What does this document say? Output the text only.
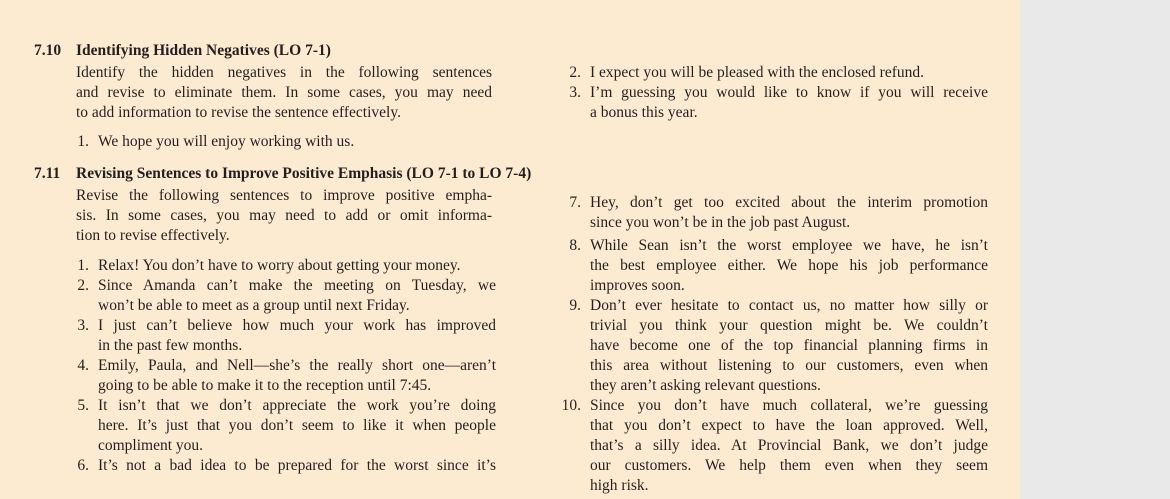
7.10 Identifying Hidden Negatives (LO 7-1)
Identify the hidden negatives in the following sentences
and revise to eliminate them. In some cases, you may need
to add information to revise the sentence effectively.
1. We hope you will enjoy working with us.
2. I expect you will be pleased with the enclosed refund.
3. I’m guessing you would like to know if you will receive
a bonus this year.
7.11 Revising Sentences to Improve Positive Emphasis (LO 7-1 to LO 7-4)
Revise the following sentences to improve positive empha-
sis. In some cases, you may need to add or omit informa-
tion to revise effectively.
1. Relax! You don’t have to worry about getting your money.
2. Since Amanda can’t make the meeting on Tuesday, we
won’t be able to meet as a group until next Friday.
3. I just can’t believe how much your work has improved
in the past few months.
4. Emily, Paula, and Nell—she’s the really short one—aren’t
going to be able to make it to the reception until 7:45.
5. It isn’t that we don’t appreciate the work you’re doing
here. It’s just that you don’t seem to like it when people
compliment you.
6. It’s not a bad idea to be prepared for the worst since it’s
7. Hey, don’t get too excited about the interim promotion
since you won’t be in the job past August.
8. While Sean isn’t the worst employee we have, he isn’t
the best employee either. We hope his job performance
improves soon.
9. Don’t ever hesitate to contact us, no matter how silly or
trivial you think your question might be. We couldn’t
have become one of the top financial planning firms in
this area without listening to our customers, even when
they aren’t asking relevant questions.
10. Since you don’t have much collateral, we’re guessing
that you don’t expect to have the loan approved. Well,
that’s a silly idea. At Provincial Bank, we don’t judge
our customers. We help them even when they seem
high risk.
